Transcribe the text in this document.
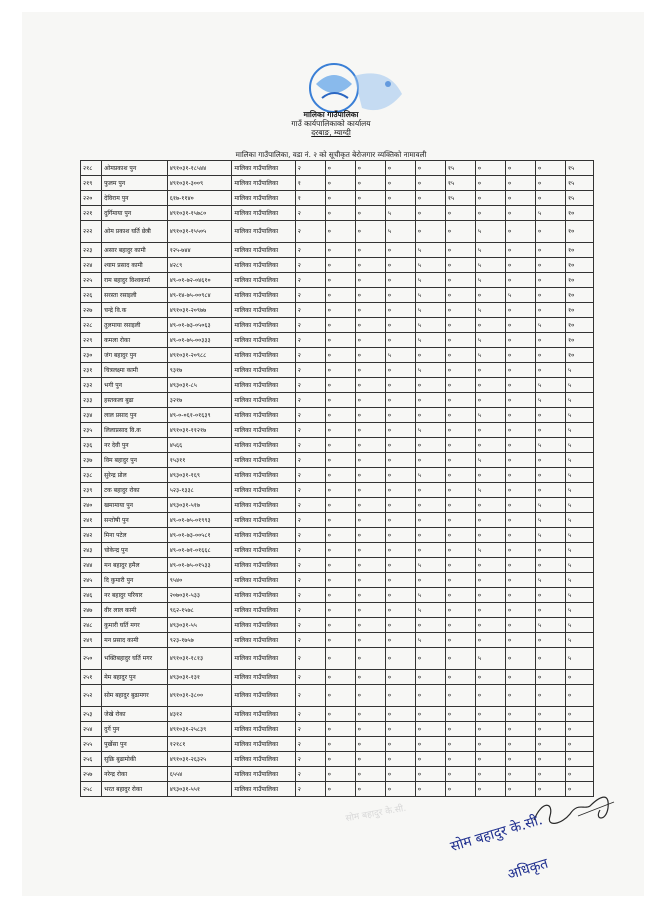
मालिका गाउँपालिका
गाउँ कार्यपालिकाको कार्यालय
दरबाङ, म्याग्दी
मालिका गाउँपालिका, वडा नं. २ को सूचीकृत बेरोजगार व्यक्तिको नामावली
२१८	ओमप्रकाश पुन	४९१०३१-१८५४४	मालिका गाउँपालिका	२	०	०	०	०	१५	०	०	०	१५
२१९	फुलम पुन	४९१०३१-३००९	मालिका गाउँपालिका	१	०	०	०	०	१५	०	०	०	१५
२२०	देविराम पुन	६१७-११४०	मालिका गाउँपालिका	१	०	०	०	०	१५	०	०	०	१५
२२१	दुर्गिमाया पुन	४९१०३१-१५७८०	मालिका गाउँपालिका	२	०	०	५	०	०	०	०	५	१०
२२२	ओम प्रकाश घर्ति छेत्री	४९१०३१-१५५०५	मालिका गाउँपालिका	२	०	०	५	०	०	५	०	०	१०
२२३	असार बहादुर कामी	१२५-७४४	मालिका गाउँपालिका	२	०	०	०	५	०	५	०	०	१०
२२४	श्याम प्रसाद कामी	४२८९	मालिका गाउँपालिका	२	०	०	०	५	०	५	०	०	१०
२२५	राम बहादुर विश्वकर्मा	४९-०१-७२-०४६१०	मालिका गाउँपालिका	२	०	०	०	५	०	५	०	०	१०
२२६	सरस्ता रसाइली	४९-१४-७५-००९८४	मालिका गाउँपालिका	२	०	०	०	५	०	०	५	०	१०
२२७	चन्द्रे वि.क	४९१०३१-२०९७७	मालिका गाउँपालिका	२	०	०	०	५	०	५	०	०	१०
२२८	तुलमाया रसाइली	४९-०१-७३-०५०६३	मालिका गाउँपालिका	२	०	०	०	५	०	०	०	५	१०
२२९	कमला रोका	४९-०१-७५-००३३३	मालिका गाउँपालिका	२	०	०	०	५	०	५	०	०	१०
२३०	जंग बहादुर पुन	४९१०३१-२०९८८	मालिका गाउँपालिका	२	०	०	५	०	०	५	०	०	१०
२३१	चित्रलक्ष्मा कामी	९३१७	मालिका गाउँपालिका	२	०	०	०	५	०	०	०	०	५
२३२	भगी पुन	४९३०३१-८५	मालिका गाउँपालिका	२	०	०	०	०	०	०	०	५	५
२३३	हस्तकला बुढा	३२१७	मालिका गाउँपालिका	२	०	०	०	०	०	०	०	५	५
२३४	लाल प्रसाद पुन	४९-०-०६१-०१६३९	मालिका गाउँपालिका	२	०	०	०	०	०	५	०	०	५
२३५	लिलाप्रसाद वि.क	४९१०३१-११२१७	मालिका गाउँपालिका	२	०	०	०	५	०	०	०	०	५
२३६	नर देवी पुन	४५६६	मालिका गाउँपालिका	२	०	०	०	०	०	०	०	५	५
२३७	विम बहादुर पुन	१५३११	मालिका गाउँपालिका	२	०	०	०	०	०	५	०	०	५
२३८	सुरेन्द्र प्रोल	४९३०३१-१६९	मालिका गाउँपालिका	२	०	०	०	५	०	०	०	०	५
२३९	टक बहादुर रोका	५२३-१३३८	मालिका गाउँपालिका	२	०	०	०	०	०	५	०	०	५
२४०	खमामाया पुन	४९३०३१-५१७	मालिका गाउँपालिका	२	०	०	०	०	०	०	०	५	५
२४१	सन्तोषी पुन	४९-०१-७५-०१९९३	मालिका गाउँपालिका	२	०	०	०	०	०	०	०	५	५
२४२	मिना पटेल	४९-०१-७३-००५८१	मालिका गाउँपालिका	२	०	०	०	०	०	०	०	५	५
२४३	चोकेन्द्र पुन	४९-०१-७१-०१६६८	मालिका गाउँपालिका	२	०	०	०	०	०	५	०	०	५
२४४	मन बहादुर हमैल	४९-०१-७५-०१५३३	मालिका गाउँपालिका	२	०	०	०	५	०	०	०	०	५
२४५	दि कुमारी पुन	९५४०	मालिका गाउँपालिका	२	०	०	०	०	०	०	०	५	५
२४६	नर बहादुर परियार	२०७०३१-५३३	मालिका गाउँपालिका	२	०	०	०	५	०	०	०	०	५
२४७	वीर लाल कामी	९६२-१५७८	मालिका गाउँपालिका	२	०	०	०	५	०	०	०	०	५
२४८	कुमारी घर्ति मगर	४९३०३१-५५	मालिका गाउँपालिका	२	०	०	०	०	०	०	०	५	५
२४९	मन प्रसाद कामी	९२३-१७५७	मालिका गाउँपालिका	२	०	०	०	५	०	०	०	०	५
२५०	भक्तिबहादुर घर्ति मगर	४९१०३१-१८१३	मालिका गाउँपालिका	२	०	०	०	०	०	५	०	०	५
२५१	मेम बहादुर पुन	४९३०३१-१३१	मालिका गाउँपालिका	२	०	०	०	०	०	०	०	०	०
२५२	सोम बहादुर बुढामगर	४९१०३१-३८००	मालिका गाउँपालिका	२	०	०	०	०	०	०	०	०	०
२५३	जेखे रोका	४३१२	मालिका गाउँपालिका	२	०	०	०	०	०	०	०	०	०
२५४	दुर्गे पुन	४९१०३१-२५८३९	मालिका गाउँपालिका	२	०	०	०	०	०	०	०	०	०
२५५	पुर्खेसा पुन	१२१८१	मालिका गाउँपालिका	२	०	०	०	०	०	०	०	०	०
२५६	सुक्रि बुढामोकी	४९१०३१-२६३२५	मालिका गाउँपालिका	२	०	०	०	०	०	०	०	०	०
२५७	नरेन्द्र रोका	६५५४	मालिका गाउँपालिका	२	०	०	०	०	०	०	०	०	०
२५८	भरत बहादुर रोका	४९३०३१-५५१	मालिका गाउँपालिका	२	०	०	०	०	०	०	०	०	०
सोम बहादुर के.सी.	सोम बहादुर के.सी.
अधिकृत
